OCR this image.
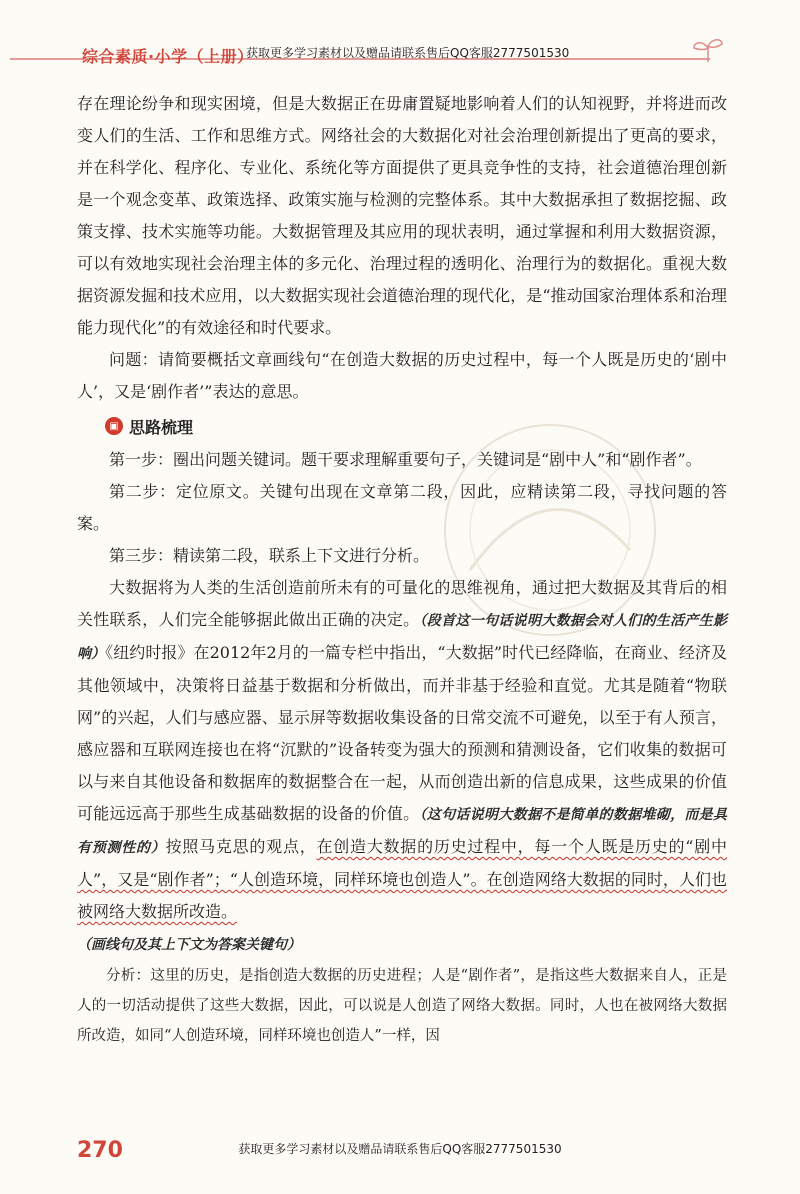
综合素质·小学（上册）
获取更多学习素材以及赠品请联系售后QQ客服2777501530

存在理论纷争和现实困境，但是大数据正在毋庸置疑地影响着人们的认知视野，并将进而改变人们的生活、工作和思维方式。网络社会的大数据化对社会治理创新提出了更高的要求，并在科学化、程序化、专业化、系统化等方面提供了更具竞争性的支持，社会道德治理创新是一个观念变革、政策选择、政策实施与检测的完整体系。其中大数据承担了数据挖掘、政策支撑、技术实施等功能。大数据管理及其应用的现状表明，通过掌握和利用大数据资源，可以有效地实现社会治理主体的多元化、治理过程的透明化、治理行为的数据化。重视大数据资源发掘和技术应用，以大数据实现社会道德治理的现代化，是“推动国家治理体系和治理能力现代化”的有效途径和时代要求。

问题：请简要概括文章画线句“在创造大数据的历史过程中，每一个人既是历史的‘剧中人’，又是‘剧作者’”表达的意思。

▣ 思路梳理

第一步：圈出问题关键词。题干要求理解重要句子，关键词是“剧中人”和“剧作者”。

第二步：定位原文。关键句出现在文章第二段，因此，应精读第二段，寻找问题的答案。

第三步：精读第二段，联系上下文进行分析。

大数据将为人类的生活创造前所未有的可量化的思维视角，通过把大数据及其背后的相关性联系，人们完全能够据此做出正确的决定。（段首这一句话说明大数据会对人们的生活产生影响）《纽约时报》在2012年2月的一篇专栏中指出，“大数据”时代已经降临，在商业、经济及其他领域中，决策将日益基于数据和分析做出，而并非基于经验和直觉。尤其是随着“物联网”的兴起，人们与感应器、显示屏等数据收集设备的日常交流不可避免，以至于有人预言，感应器和互联网连接也在将“沉默的”设备转变为强大的预测和猜测设备，它们收集的数据可以与来自其他设备和数据库的数据整合在一起，从而创造出新的信息成果，这些成果的价值可能远远高于那些生成基础数据的设备的价值。（这句话说明大数据不是简单的数据堆砌，而是具有预测性的）按照马克思的观点，在创造大数据的历史过程中，每一个人既是历史的“剧中人”，又是“剧作者”；“人创造环境，同样环境也创造人”。在创造网络大数据的同时，人们也被网络大数据所改造。

（画线句及其上下文为答案关键句）

分析：这里的历史，是指创造大数据的历史进程；人是“剧作者”，是指这些大数据来自人，正是人的一切活动提供了这些大数据，因此，可以说是人创造了网络大数据。同时，人也在被网络大数据所改造，如同“人创造环境，同样环境也创造人”一样，因

270	获取更多学习素材以及赠品请联系售后QQ客服2777501530
